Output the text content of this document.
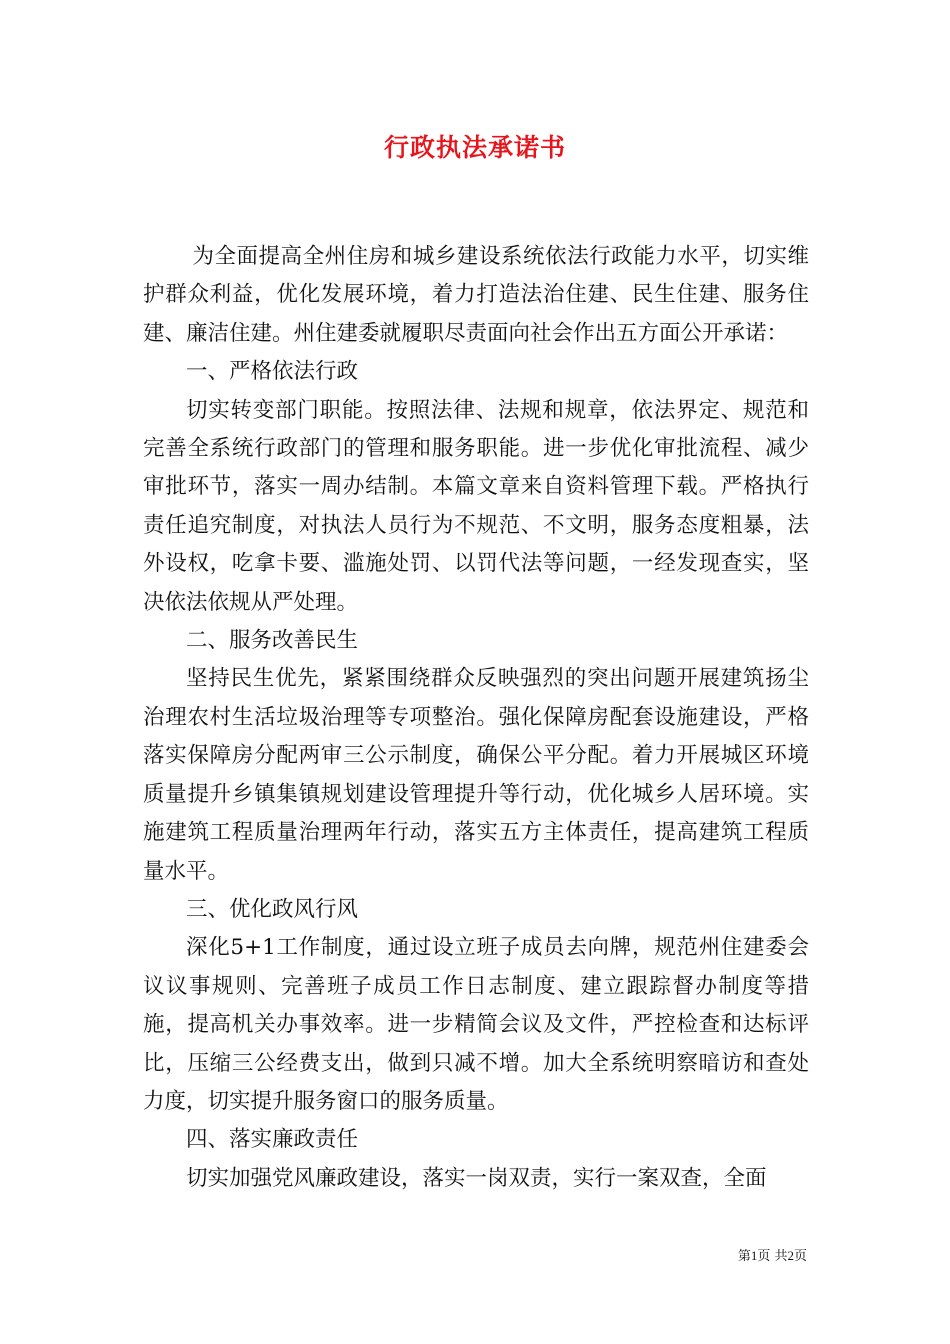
行政执法承诺书

为全面提高全州住房和城乡建设系统依法行政能力水平，切实维护群众利益，优化发展环境，着力打造法治住建、民生住建、服务住建、廉洁住建。州住建委就履职尽责面向社会作出五方面公开承诺：

一、严格依法行政

切实转变部门职能。按照法律、法规和规章，依法界定、规范和完善全系统行政部门的管理和服务职能。进一步优化审批流程、减少审批环节，落实一周办结制。本篇文章来自资料管理下载。严格执行责任追究制度，对执法人员行为不规范、不文明，服务态度粗暴，法外设权，吃拿卡要、滥施处罚、以罚代法等问题，一经发现查实，坚决依法依规从严处理。

二、服务改善民生

坚持民生优先，紧紧围绕群众反映强烈的突出问题开展建筑扬尘治理农村生活垃圾治理等专项整治。强化保障房配套设施建设，严格落实保障房分配两审三公示制度，确保公平分配。着力开展城区环境质量提升乡镇集镇规划建设管理提升等行动，优化城乡人居环境。实施建筑工程质量治理两年行动，落实五方主体责任，提高建筑工程质量水平。

三、优化政风行风

深化5+1工作制度，通过设立班子成员去向牌，规范州住建委会议议事规则、完善班子成员工作日志制度、建立跟踪督办制度等措施，提高机关办事效率。进一步精简会议及文件，严控检查和达标评比，压缩三公经费支出，做到只减不增。加大全系统明察暗访和查处力度，切实提升服务窗口的服务质量。

四、落实廉政责任

切实加强党风廉政建设，落实一岗双责，实行一案双查，全面

第1页 共2页
